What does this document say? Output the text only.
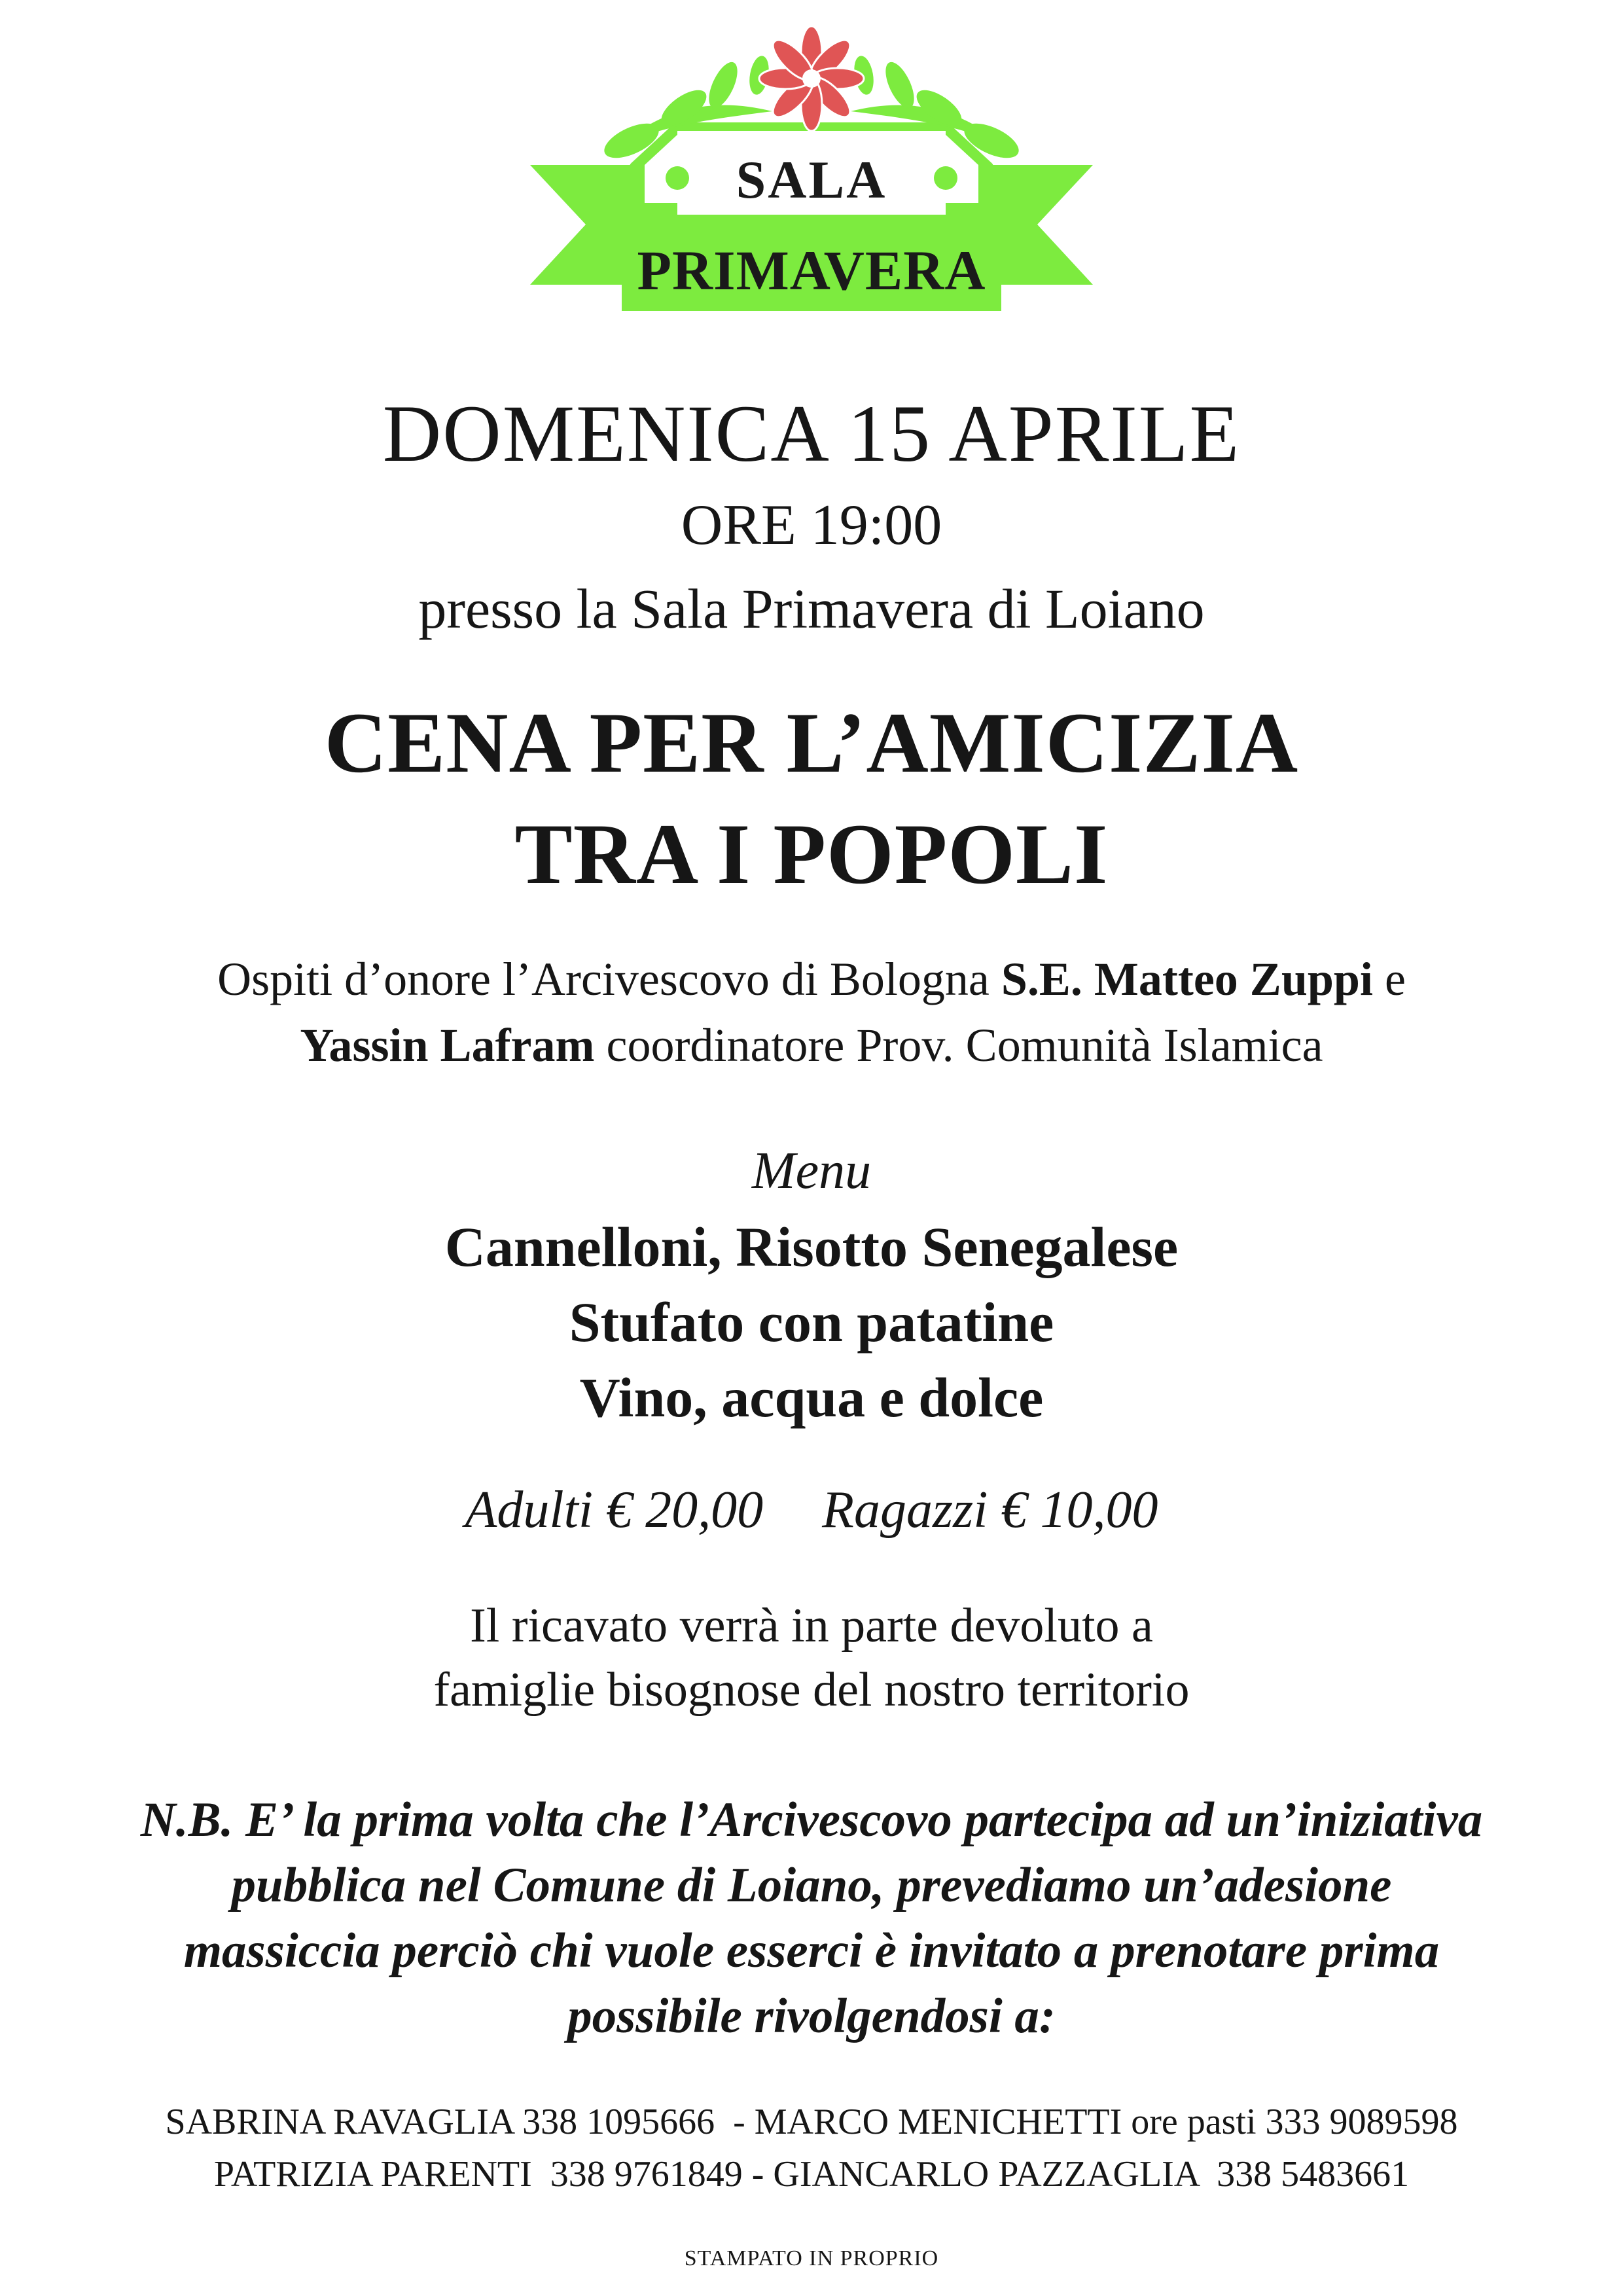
SALA
PRIMAVERA
DOMENICA 15 APRILE
ORE 19:00
presso la Sala Primavera di Loiano
CENA PER L’AMICIZIA
TRA I POPOLI
Ospiti d’onore l’Arcivescovo di Bologna S.E. Matteo Zuppi e
Yassin Lafram coordinatore Prov. Comunità Islamica
Menu
Cannelloni, Risotto Senegalese
Stufato con patatine
Vino, acqua e dolce
Adulti € 20,00 Ragazzi € 10,00
Il ricavato verrà in parte devoluto a
famiglie bisognose del nostro territorio
N.B. E’ la prima volta che l’Arcivescovo partecipa ad un’iniziativa
pubblica nel Comune di Loiano, prevediamo un’adesione
massiccia perciò chi vuole esserci è invitato a prenotare prima
possibile rivolgendosi a:
SABRINA RAVAGLIA 338 1095666  - MARCO MENICHETTI ore pasti 333 9089598
PATRIZIA PARENTI  338 9761849 - GIANCARLO PAZZAGLIA  338 5483661
STAMPATO IN PROPRIO
